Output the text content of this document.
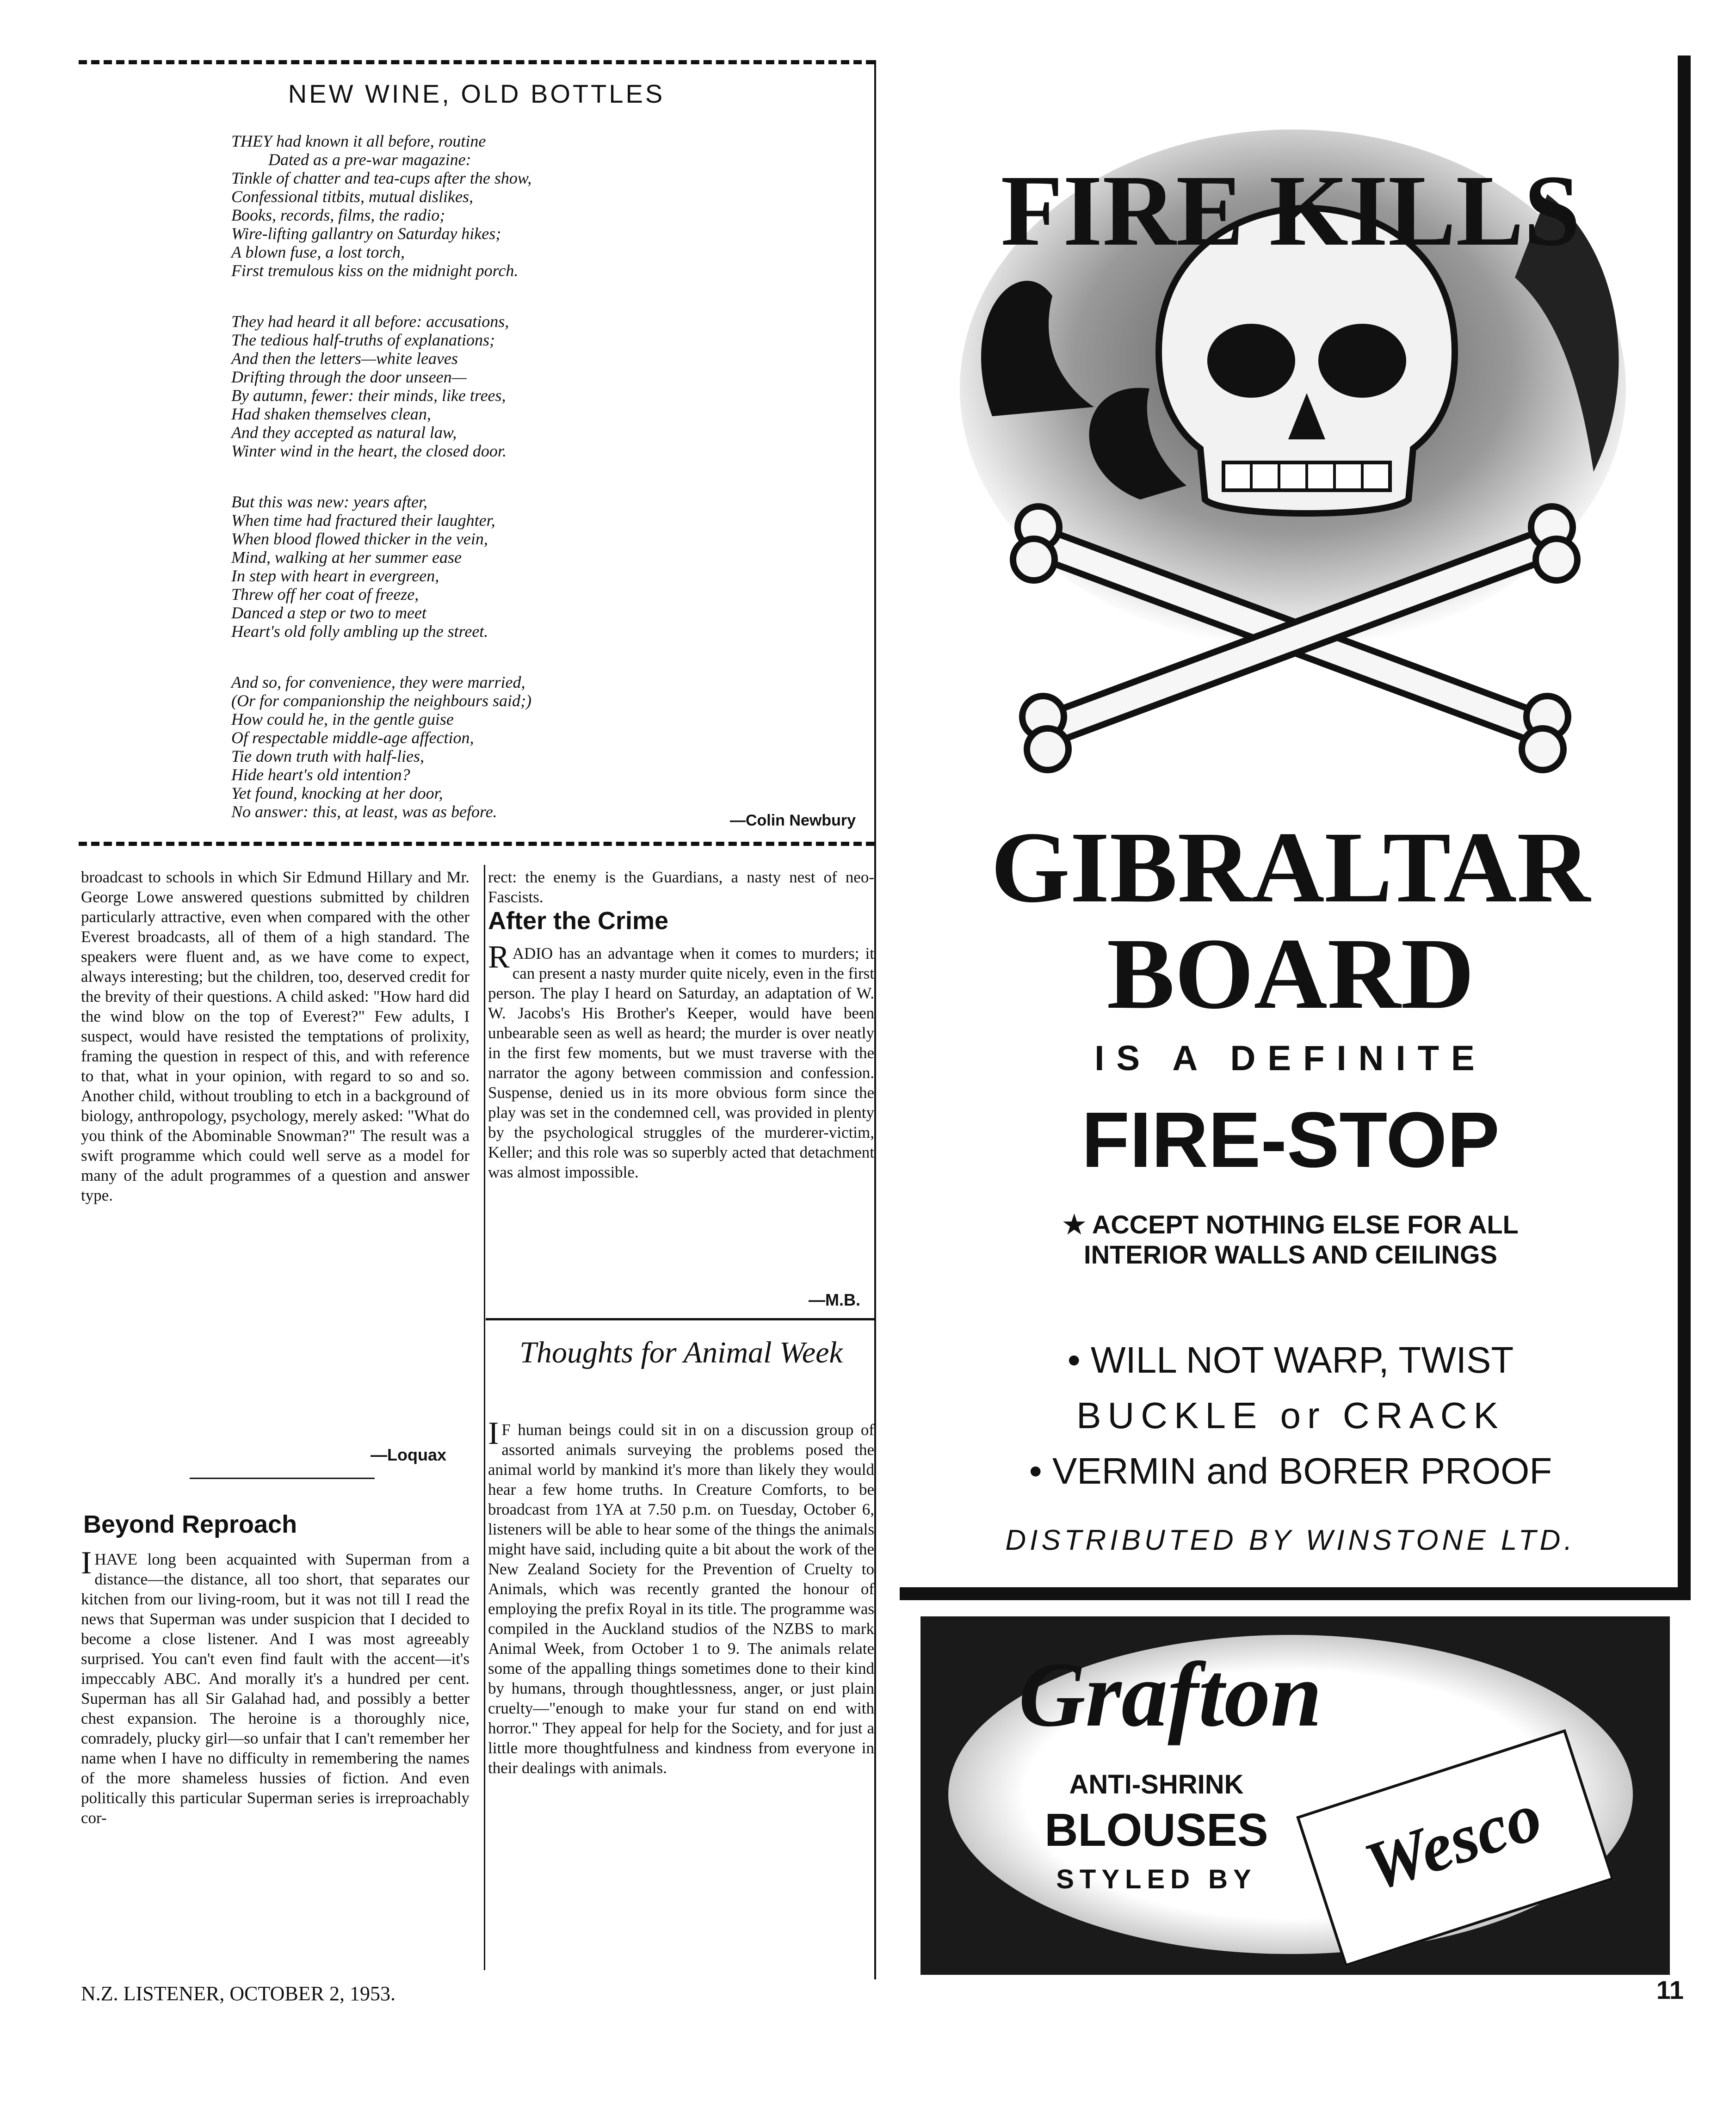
NEW WINE, OLD BOTTLES
THEY had known it all before, routine
Dated as a pre-war magazine:
Tinkle of chatter and tea-cups after the show,
Confessional titbits, mutual dislikes,
Books, records, films, the radio;
Wire-lifting gallantry on Saturday hikes;
A blown fuse, a lost torch,
First tremulous kiss on the midnight porch.
They had heard it all before: accusations,
The tedious half-truths of explanations;
And then the letters—white leaves
Drifting through the door unseen—
By autumn, fewer: their minds, like trees,
Had shaken themselves clean,
And they accepted as natural law,
Winter wind in the heart, the closed door.
But this was new: years after,
When time had fractured their laughter,
When blood flowed thicker in the vein,
Mind, walking at her summer ease
In step with heart in evergreen,
Threw off her coat of freeze,
Danced a step or two to meet
Heart's old folly ambling up the street.
And so, for convenience, they were married,
(Or for companionship the neighbours said;)
How could he, in the gentle guise
Of respectable middle-age affection,
Tie down truth with half-lies,
Hide heart's old intention?
Yet found, knocking at her door,
No answer: this, at least, was as before.	—Colin Newbury

broadcast to schools in which Sir Edmund Hillary and Mr. George Lowe answered questions submitted by children particularly attractive, even when compared with the other Everest broadcasts, all of them of a high standard. The speakers were fluent and, as we have come to expect, always interesting; but the children, too, deserved credit for the brevity of their questions. A child asked: "How hard did the wind blow on the top of Everest?" Few adults, I suspect, would have resisted the temptations of prolixity, framing the question in respect of this, and with reference to that, what in your opinion, with regard to so and so. Another child, without troubling to etch in a background of biology, anthropology, psychology, merely asked: "What do you think of the Abominable Snowman?" The result was a swift programme which could well serve as a model for many of the adult programmes of a question and answer type.

—Loquax
Beyond Reproach

IHAVE long been acquainted with Superman from a distance—the distance, all too short, that separates our kitchen from our living-room, but it was not till I read the news that Superman was under suspicion that I decided to become a close listener. And I was most agreeably surprised. You can't even find fault with the accent—it's impeccably ABC. And morally it's a hundred per cent. Superman has all Sir Galahad had, and possibly a better chest expansion. The heroine is a thoroughly nice, comradely, plucky girl—so unfair that I can't remember her name when I have no difficulty in remembering the names of the more shameless hussies of fiction. And even politically this particular Superman series is irreproachably cor-

rect: the enemy is the Guardians, a nasty nest of neo-Fascists.

After the Crime

RADIO has an advantage when it comes to murders; it can present a nasty murder quite nicely, even in the first person. The play I heard on Saturday, an adaptation of W. W. Jacobs's His Brother's Keeper, would have been unbearable seen as well as heard; the murder is over neatly in the first few moments, but we must traverse with the narrator the agony between commission and confession. Suspense, denied us in its more obvious form since the play was set in the condemned cell, was provided in plenty by the psychological struggles of the murderer-victim, Keller; and this role was so superbly acted that detachment was almost impossible.

—M.B.
Thoughts for Animal Week

I F human beings could sit in on a discussion group of assorted animals surveying the problems posed the animal world by mankind it's more than likely they would hear a few home truths. In Creature Comforts, to be broadcast from 1YA at 7.50 p.m. on Tuesday, October 6, listeners will be able to hear some of the things the animals might have said, including quite a bit about the work of the New Zealand Society for the Prevention of Cruelty to Animals, which was recently granted the honour of employing the prefix Royal in its title. The programme was compiled in the Auckland studios of the NZBS to mark Animal Week, from October 1 to 9. The animals relate some of the appalling things sometimes done to their kind by humans, through thoughtlessness, anger, or just plain cruelty—"enough to make your fur stand on end with horror." They appeal for help for the Society, and for just a little more thoughtfulness and kindness from everyone in their dealings with animals.

N.Z. LISTENER, OCTOBER 2, 1953.	11
FIRE KILLS
GIBRALTAR
BOARD
IS A DEFINITE
FIRE-STOP
★ ACCEPT NOTHING ELSE FOR ALL
INTERIOR WALLS AND CEILINGS
• WILL NOT WARP, TWIST
BUCKLE or CRACK
• VERMIN and BORER PROOF
DISTRIBUTED BY WINSTONE LTD.
Grafton
ANTI-SHRINK
BLOUSES
STYLED BY	Wesco
